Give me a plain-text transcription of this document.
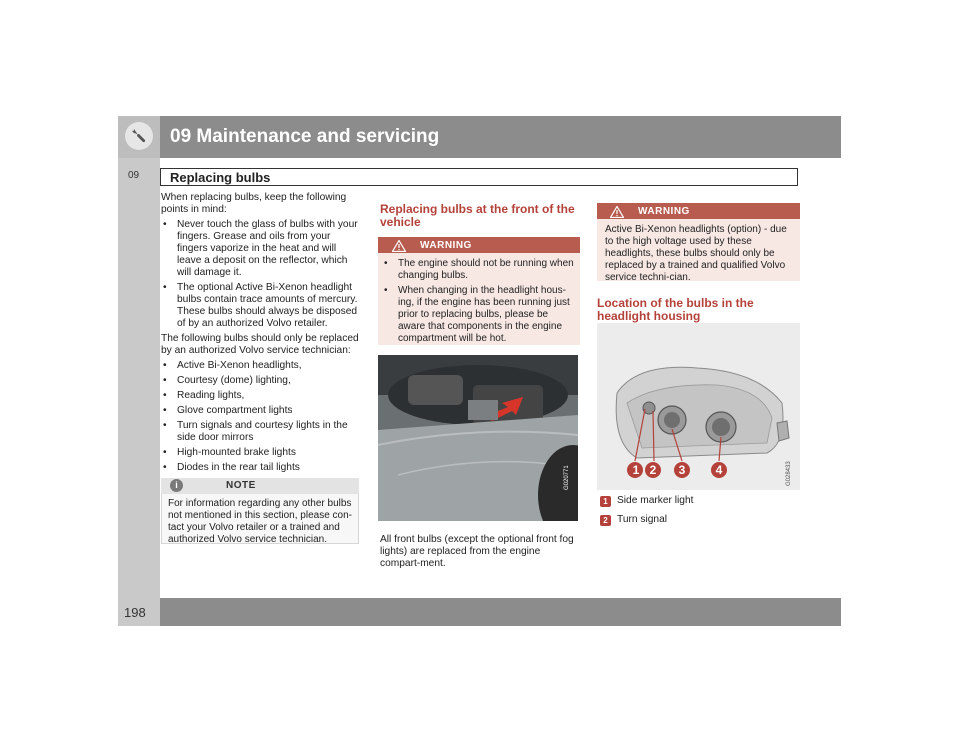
09 Maintenance and servicing
09 Replacing bulbs

When replacing bulbs, keep the following points in mind:

• Never touch the glass of bulbs with your fingers. Grease and oils from your fingers vaporize in the heat and will leave a deposit on the reflector, which will damage it.
• The optional Active Bi-Xenon headlight bulbs contain trace amounts of mercury. These bulbs should always be disposed of by an authorized Volvo retailer.

The following bulbs should only be replaced by an authorized Volvo service technician:

• Active Bi-Xenon headlights,
• Courtesy (dome) lighting,
• Reading lights,
• Glove compartment lights
• Turn signals and courtesy lights in the side door mirrors
• High-mounted brake lights
• Diodes in the rear tail lights
i	NOTE
For information regarding any other bulbs not mentioned in this section, please con-tact your Volvo retailer or a trained and authorized Volvo service technician.
Replacing bulbs at the front of the vehicle
WARNING
• The engine should not be running when changing bulbs.
• When changing in the headlight hous-ing, if the engine has been running just prior to replacing bulbs, please be aware that components in the engine compartment will be hot.
G020771
All front bulbs (except the optional front fog lights) are replaced from the engine compart-ment.
WARNING
Active Bi-Xenon headlights (option) - due to the high voltage used by these headlights, these bulbs should only be replaced by a trained and qualified Volvo service techni-cian.
Location of the bulbs in the headlight housing
1 2	3	4	G028433
1 Side marker light
2 Turn signal
198
